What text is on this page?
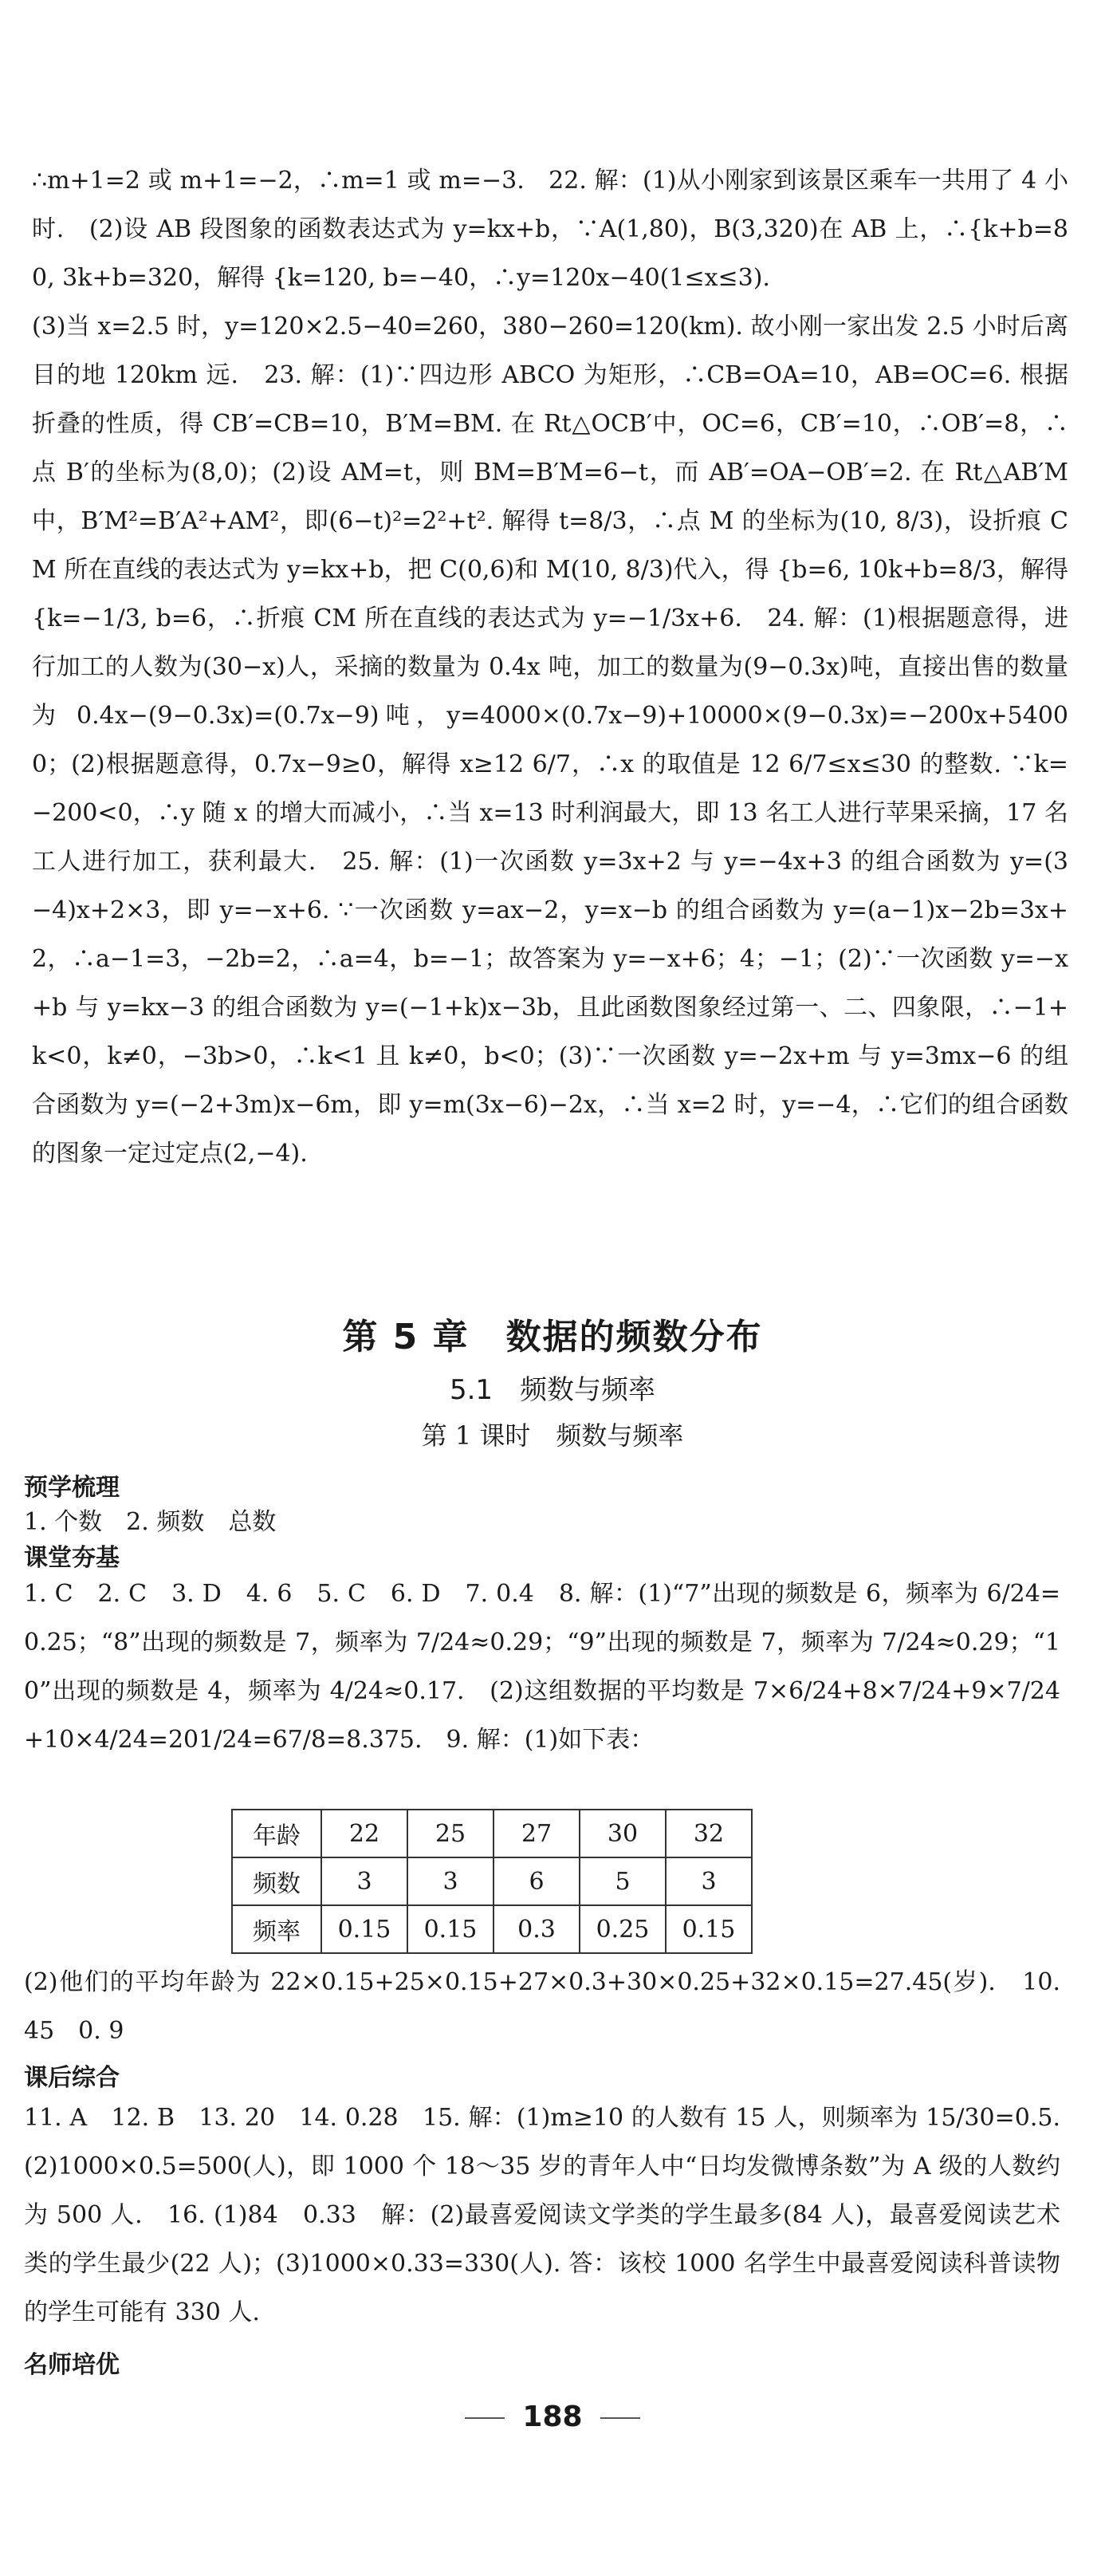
∴m+1=2 或 m+1=−2，∴m=1 或 m=−3.　22. 解：(1)从小刚家到该景区乘车一共用了 4 小时.　(2)设 AB 段图象的函数表达式为 y=kx+b，∵A(1,80)，B(3,320)在 AB 上，∴{k+b=80, 3k+b=320，解得 {k=120, b=−40，∴y=120x−40(1≤x≤3).

(3)当 x=2.5 时，y=120×2.5−40=260，380−260=120(km). 故小刚一家出发 2.5 小时后离目的地 120km 远.　23. 解：(1)∵四边形 ABCO 为矩形，∴CB=OA=10，AB=OC=6. 根据折叠的性质，得 CB′=CB=10，B′M=BM. 在 Rt△OCB′中，OC=6，CB′=10，∴OB′=8，∴点 B′的坐标为(8,0)；(2)设 AM=t，则 BM=B′M=6−t，而 AB′=OA−OB′=2. 在 Rt△AB′M 中，B′M²=B′A²+AM²，即(6−t)²=2²+t². 解得 t=8/3，∴点 M 的坐标为(10, 8/3)，设折痕 CM 所在直线的表达式为 y=kx+b，把 C(0,6)和 M(10, 8/3)代入，得 {b=6, 10k+b=8/3，解得 {k=−1/3, b=6，∴折痕 CM 所在直线的表达式为 y=−1/3x+6.　24. 解：(1)根据题意得，进行加工的人数为(30−x)人，采摘的数量为 0.4x 吨，加工的数量为(9−0.3x)吨，直接出售的数量为 0.4x−(9−0.3x)=(0.7x−9)吨，y=4000×(0.7x−9)+10000×(9−0.3x)=−200x+54000；(2)根据题意得，0.7x−9≥0，解得 x≥12 6/7，∴x 的取值是 12 6/7≤x≤30 的整数. ∵k=−200<0，∴y 随 x 的增大而减小，∴当 x=13 时利润最大，即 13 名工人进行苹果采摘，17 名工人进行加工，获利最大.　25. 解：(1)一次函数 y=3x+2 与 y=−4x+3 的组合函数为 y=(3−4)x+2×3，即 y=−x+6. ∵一次函数 y=ax−2，y=x−b 的组合函数为 y=(a−1)x−2b=3x+2，∴a−1=3，−2b=2，∴a=4，b=−1；故答案为 y=−x+6；4；−1；(2)∵一次函数 y=−x+b 与 y=kx−3 的组合函数为 y=(−1+k)x−3b，且此函数图象经过第一、二、四象限，∴−1+k<0，k≠0，−3b>0，∴k<1 且 k≠0，b<0；(3)∵一次函数 y=−2x+m 与 y=3mx−6 的组合函数为 y=(−2+3m)x−6m，即 y=m(3x−6)−2x，∴当 x=2 时，y=−4，∴它们的组合函数的图象一定过定点(2,−4).

第 5 章　数据的频数分布
5.1　频数与频率
第 1 课时　频数与频率
预学梳理

1. 个数　2. 频数　总数

课堂夯基

1. C　2. C　3. D　4. 6　5. C　6. D　7. 0.4　8. 解：(1)“7”出现的频数是 6，频率为 6/24=0.25；“8”出现的频数是 7，频率为 7/24≈0.29；“9”出现的频数是 7，频率为 7/24≈0.29；“10”出现的频数是 4，频率为 4/24≈0.17.　(2)这组数据的平均数是 7×6/24+8×7/24+9×7/24+10×4/24=201/24=67/8=8.375.　9. 解：(1)如下表：

年龄	22	25	27	30	32
频数	3	3	6	5	3
频率	0.15	0.15	0.3	0.25	0.15

(2)他们的平均年龄为 22×0.15+25×0.15+27×0.3+30×0.25+32×0.15=27.45(岁).　10. 45　0. 9

课后综合

11. A　12. B　13. 20　14. 0.28　15. 解：(1)m≥10 的人数有 15 人，则频率为 15/30=0.5.　(2)1000×0.5=500(人)，即 1000 个 18～35 岁的青年人中“日均发微博条数”为 A 级的人数约为 500 人.　16. (1)84　0.33　解：(2)最喜爱阅读文学类的学生最多(84 人)，最喜爱阅读艺术类的学生最少(22 人)；(3)1000×0.33=330(人). 答：该校 1000 名学生中最喜爱阅读科普读物的学生可能有 330 人.

名师培优
188
